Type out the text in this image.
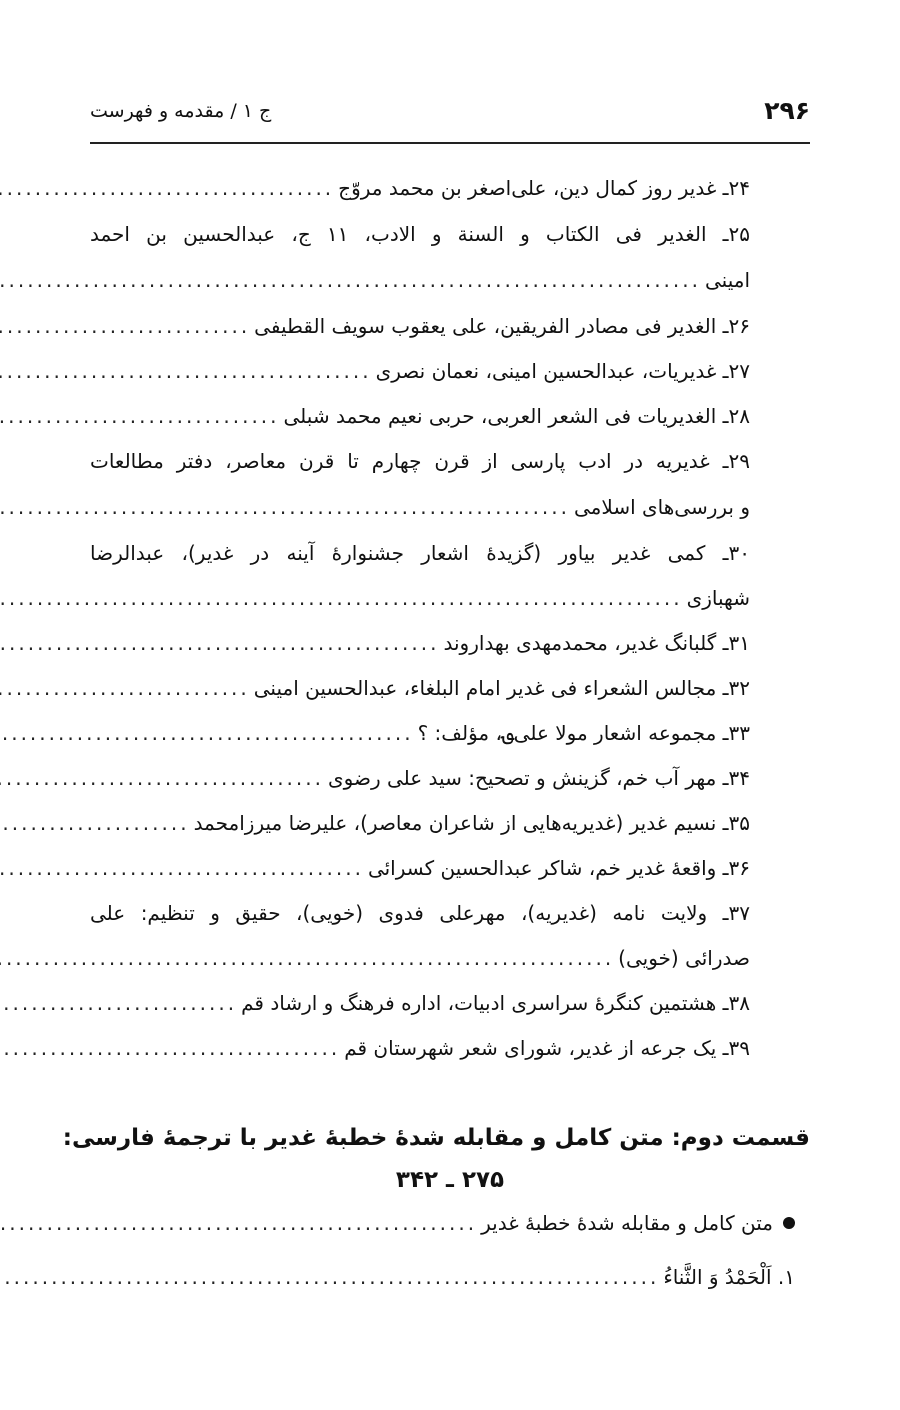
۲۹۶
ج ۱ / مقدمه و فهرست
۲۴ـ غدیر روز کمال دین، علی‌اصغر بن محمد مروّج
.....
۲۵ـ الغدیر فی الکتاب و السنة و الادب، ۱۱ ج، عبدالحسین بن احمد
امینی
.....
۲۶ـ الغدیر فی مصادر الفریقین، علی یعقوب سویف القطیفی
.....
۲۷ـ غدیریات، عبدالحسین امینی، نعمان نصری
.....
۲۸ـ الغدیریات فی الشعر العربی، حربی نعیم محمد شبلی
.....
۲۹ـ غدیریه در ادب پارسی از قرن چهارم تا قرن معاصر، دفتر مطالعات
و بررسی‌های اسلامی
.....
۳۰ـ کمی غدیر بیاور (گزیدهٔ اشعار جشنوارهٔ آینه در غدیر)، عبدالرضا
شهبازی
.....
۳۱ـ گلبانگ غدیر، محمدمهدی بهداروند
.....
۳۲ـ مجالس الشعراء فی غدیر امام البلغاء، عبدالحسین امینی
.....
۳۳ـ مجموعه اشعار مولا علی؈، مؤلف: ؟
.....
۳۴ـ مهر آب خم، گزینش و تصحیح: سید علی رضوی
.....
۳۵ـ نسیم غدیر (غدیریه‌هایی از شاعران معاصر)، علیرضا میرزامحمد
.....
۳۶ـ واقعهٔ غدیر خم، شاکر عبدالحسین کسرائی
.....
۳۷ـ ولایت نامه (غدیریه)، مهرعلی فدوی (خویی)، حقیق و تنظیم: علی
صدرائی (خویی)
.....
۳۸ـ هشتمین کنگرهٔ سراسری ادبیات، اداره فرهنگ و ارشاد قم
.....
۳۹ـ یک جرعه از غدیر، شورای شعر شهرستان قم
.....
قسمت دوم: متن کامل و مقابله شدهٔ خطبهٔ غدیر با ترجمهٔ فارسی:
۲۷۵ ـ ۳۴۲
متن کامل و مقابله شدهٔ خطبهٔ غدیر
.....
۱. اَلْحَمْدُ وَ الثَّناءُ
.....
